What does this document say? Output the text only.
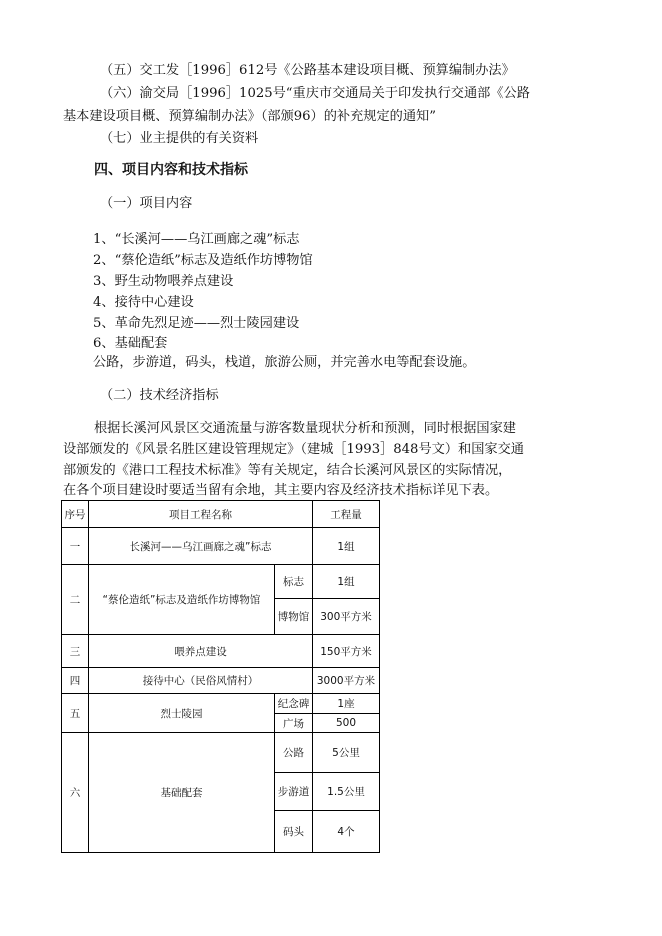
（五）交工发［1996］612号《公路基本建设项目概、预算编制办法》
（六）渝交局［1996］1025号“重庆市交通局关于印发执行交通部《公路
基本建设项目概、预算编制办法》（部颁96）的补充规定的通知”
（七）业主提供的有关资料
四、项目内容和技术指标
（一）项目内容
1、“长溪河——乌江画廊之魂”标志
2、“蔡伦造纸”标志及造纸作坊博物馆
3、野生动物喂养点建设
4、接待中心建设
5、革命先烈足迹——烈士陵园建设
6、基础配套
公路，步游道，码头，栈道，旅游公厕，并完善水电等配套设施。
（二）技术经济指标
根据长溪河风景区交通流量与游客数量现状分析和预测，同时根据国家建
设部颁发的《风景名胜区建设管理规定》（建城［1993］848号文）和国家交通
部颁发的《港口工程技术标准》等有关规定，结合长溪河风景区的实际情况，
在各个项目建设时要适当留有余地，其主要内容及经济技术指标详见下表。
序号	项目工程名称		工程量
一	长溪河——乌江画廊之魂”标志		1组
二	“蔡伦造纸”标志及造纸作坊博物馆	标志	1组
		博物馆	300平方米
三	喂养点建设		150平方米
四	接待中心（民俗风情村）		3000平方米
五	烈士陵园	纪念碑	1座
		广场	500
六	基础配套	公路	5公里
		步游道	1.5公里
		码头	4个
